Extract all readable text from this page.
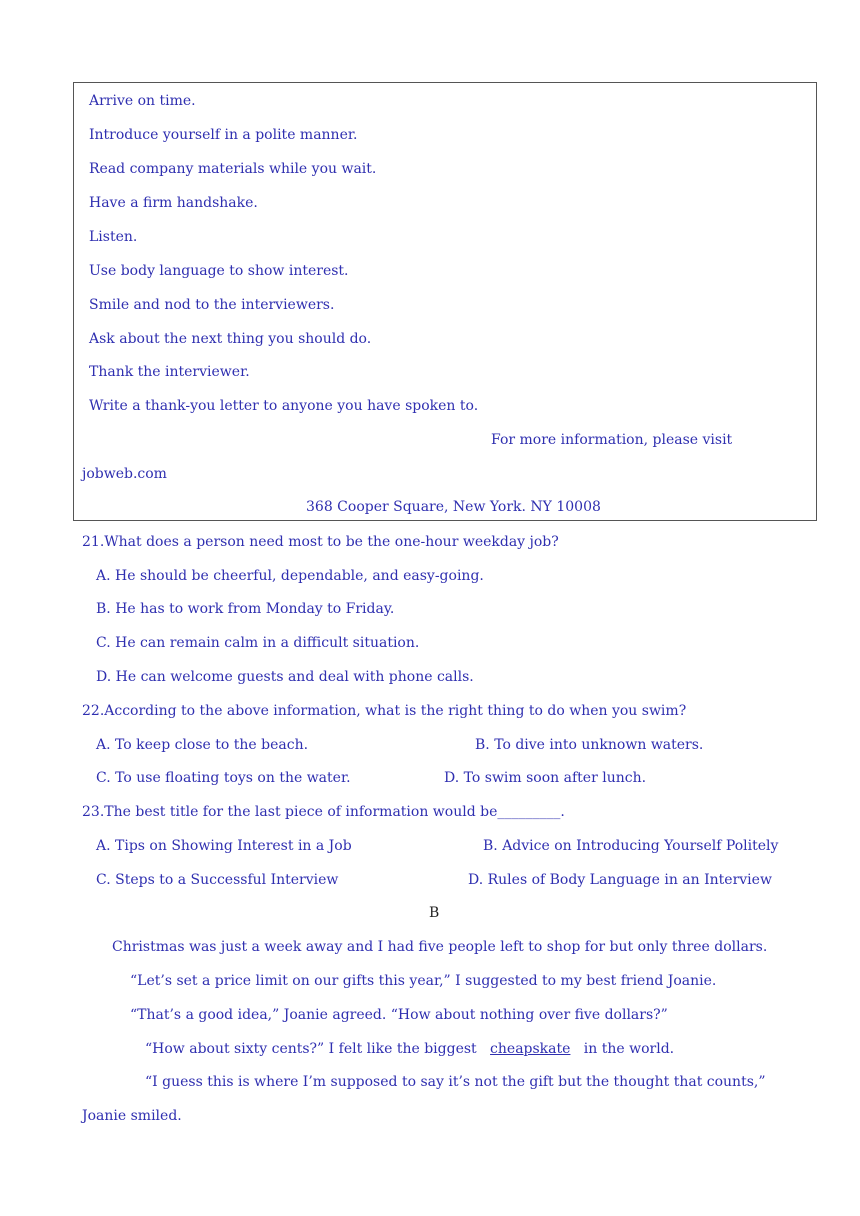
Arrive on time.
Introduce yourself in a polite manner.
Read company materials while you wait.
Have a firm handshake.
Listen.
Use body language to show interest.
Smile and nod to the interviewers.
Ask about the next thing you should do.
Thank the interviewer.
Write a thank-you letter to anyone you have spoken to.
For more information, please visit
jobweb.com
368 Cooper Square, New York. NY 10008
21.What does a person need most to be the one-hour weekday job?
A. He should be cheerful, dependable, and easy-going.
B. He has to work from Monday to Friday.
C. He can remain calm in a difficult situation.
D. He can welcome guests and deal with phone calls.
22.According to the above information, what is the right thing to do when you swim?
A. To keep close to the beach.	B. To dive into unknown waters.
C. To use floating toys on the water.	D. To swim soon after lunch.
23.The best title for the last piece of information would be_________.
A. Tips on Showing Interest in a Job	B. Advice on Introducing Yourself Politely
C. Steps to a Successful Interview	D. Rules of Body Language in an Interview
B
Christmas was just a week away and I had five people left to shop for but only three dollars.
“Let’s set a price limit on our gifts this year,” I suggested to my best friend Joanie.
“That’s a good idea,” Joanie agreed. “How about nothing over five dollars?”
“How about sixty cents?” I felt like the biggest cheapskate in the world.
“I guess this is where I’m supposed to say it’s not the gift but the thought that counts,”
Joanie smiled.
